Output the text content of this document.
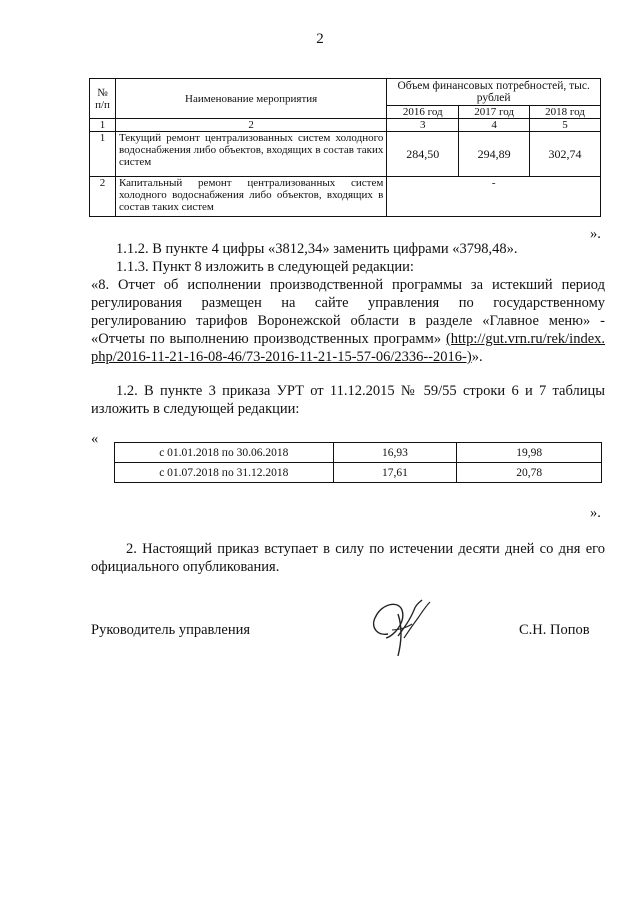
2
№ п/п	Наименование мероприятия	Объем финансовых потребностей, тыс. рублей		
		2016 год	2017 год	2018 год
1	2	3	4	5
1	Текущий ремонт централизованных систем холодного водоснабжения либо объектов, входящих в состав таких систем	284,50	294,89	302,74
2	Капитальный ремонт централизованных систем холодного водоснабжения либо объектов, входящих в состав таких систем	-		
».
1.1.2. В пункте 4 цифры «3812,34» заменить цифрами «3798,48».
1.1.3. Пункт 8 изложить в следующей редакции:
«8. Отчет об исполнении производственной программы за истекший период регулирования размещен на сайте управления по государственному регулированию тарифов Воронежской области в разделе «Главное меню» - «Отчеты по выполнению производственных программ» (http://gut.vrn.ru/rek/index.php/2016-11-21-16-08-46/73-2016-11-21-15-57-06/2336--2016-)».
1.2. В пункте 3 приказа УРТ от 11.12.2015 № 59/55 строки 6 и 7 таблицы изложить в следующей редакции:
«
с 01.01.2018 по 30.06.2018	16,93	19,98
с 01.07.2018 по 31.12.2018	17,61	20,78
».
2. Настоящий приказ вступает в силу по истечении десяти дней со дня его официального опубликования.
Руководитель управления	С.Н. Попов
